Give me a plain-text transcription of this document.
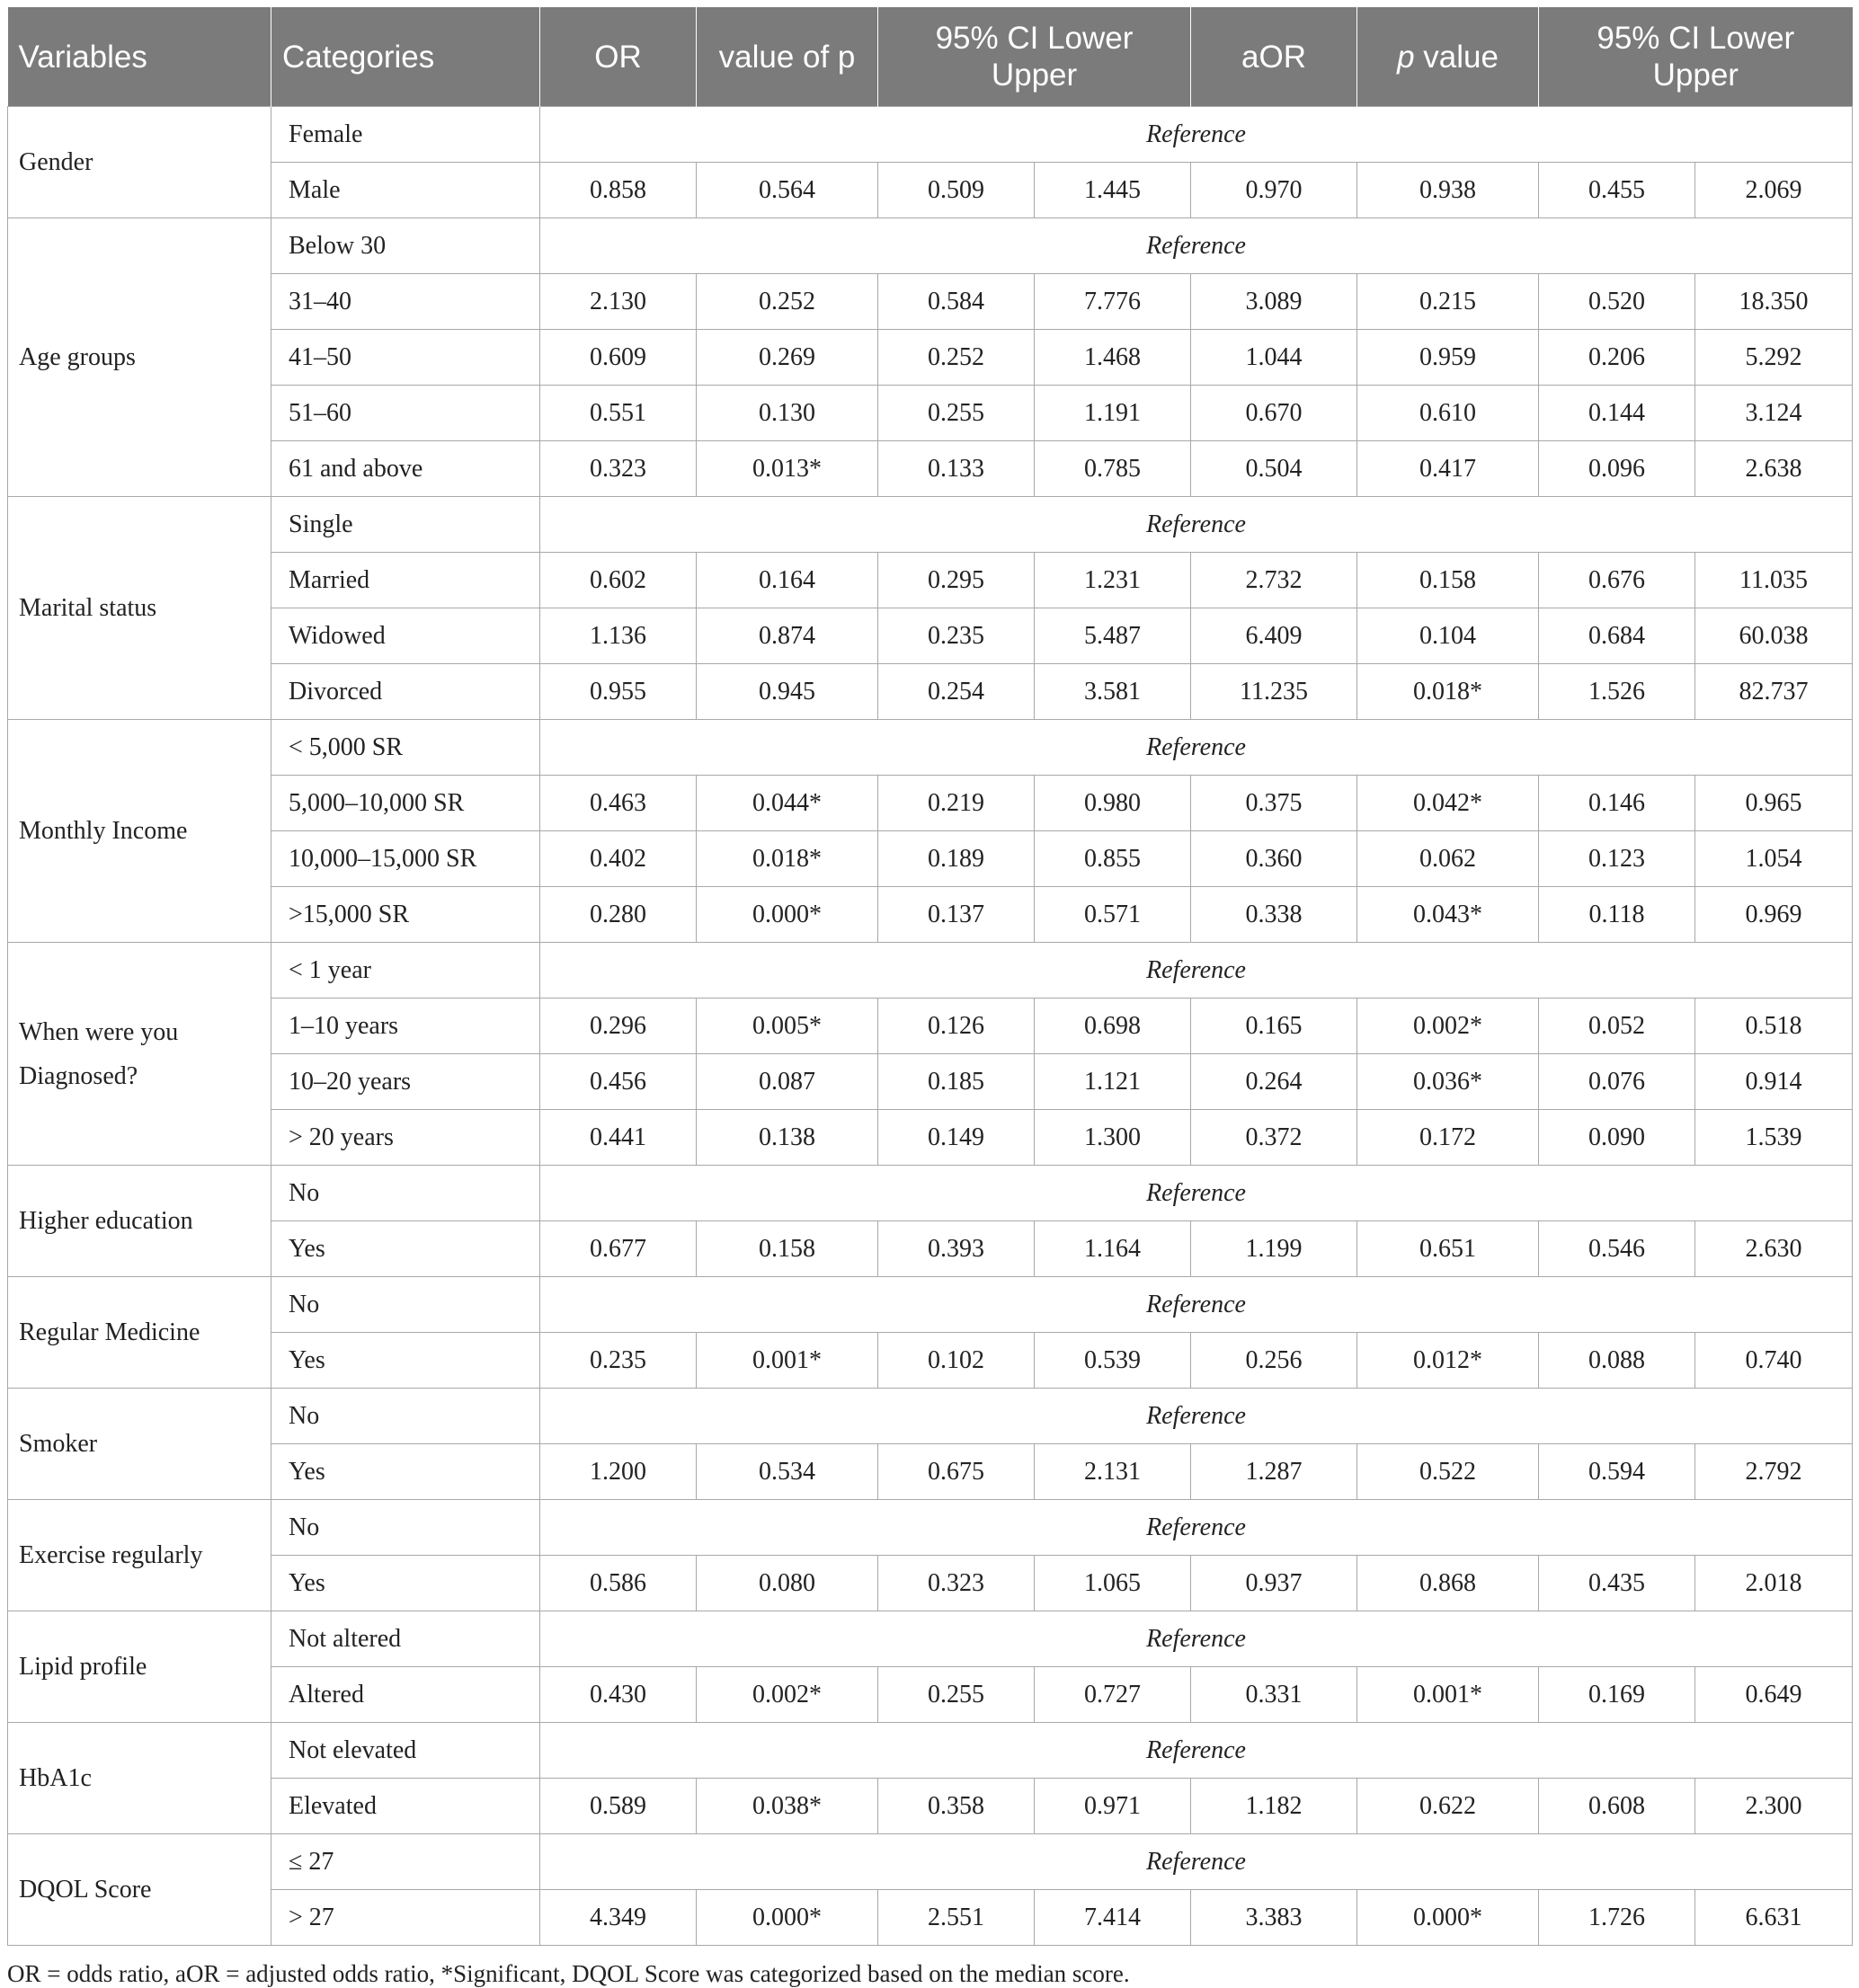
Variables	Categories	OR	value of p	95% CI Lower Upper		aOR	p value	95% CI Lower Upper	
Gender	Female	Reference							
	Male	0.858	0.564	0.509	1.445	0.970	0.938	0.455	2.069
Age groups	Below 30	Reference							
	31–40	2.130	0.252	0.584	7.776	3.089	0.215	0.520	18.350
	41–50	0.609	0.269	0.252	1.468	1.044	0.959	0.206	5.292
	51–60	0.551	0.130	0.255	1.191	0.670	0.610	0.144	3.124
	61 and above	0.323	0.013*	0.133	0.785	0.504	0.417	0.096	2.638
Marital status	Single	Reference							
	Married	0.602	0.164	0.295	1.231	2.732	0.158	0.676	11.035
	Widowed	1.136	0.874	0.235	5.487	6.409	0.104	0.684	60.038
	Divorced	0.955	0.945	0.254	3.581	11.235	0.018*	1.526	82.737
Monthly Income	< 5,000 SR	Reference							
	5,000–10,000 SR	0.463	0.044*	0.219	0.980	0.375	0.042*	0.146	0.965
	10,000–15,000 SR	0.402	0.018*	0.189	0.855	0.360	0.062	0.123	1.054
	>15,000 SR	0.280	0.000*	0.137	0.571	0.338	0.043*	0.118	0.969
When were you Diagnosed?	< 1 year	Reference							
	1–10 years	0.296	0.005*	0.126	0.698	0.165	0.002*	0.052	0.518
	10–20 years	0.456	0.087	0.185	1.121	0.264	0.036*	0.076	0.914
	> 20 years	0.441	0.138	0.149	1.300	0.372	0.172	0.090	1.539
Higher education	No	Reference							
	Yes	0.677	0.158	0.393	1.164	1.199	0.651	0.546	2.630
Regular Medicine	No	Reference							
	Yes	0.235	0.001*	0.102	0.539	0.256	0.012*	0.088	0.740
Smoker	No	Reference							
	Yes	1.200	0.534	0.675	2.131	1.287	0.522	0.594	2.792
Exercise regularly	No	Reference							
	Yes	0.586	0.080	0.323	1.065	0.937	0.868	0.435	2.018
Lipid profile	Not altered	Reference							
	Altered	0.430	0.002*	0.255	0.727	0.331	0.001*	0.169	0.649
HbA1c	Not elevated	Reference							
	Elevated	0.589	0.038*	0.358	0.971	1.182	0.622	0.608	2.300
DQOL Score	≤ 27	Reference							
	> 27	4.349	0.000*	2.551	7.414	3.383	0.000*	1.726	6.631
OR = odds ratio, aOR = adjusted odds ratio, *Significant, DQOL Score was categorized based on the median score.
